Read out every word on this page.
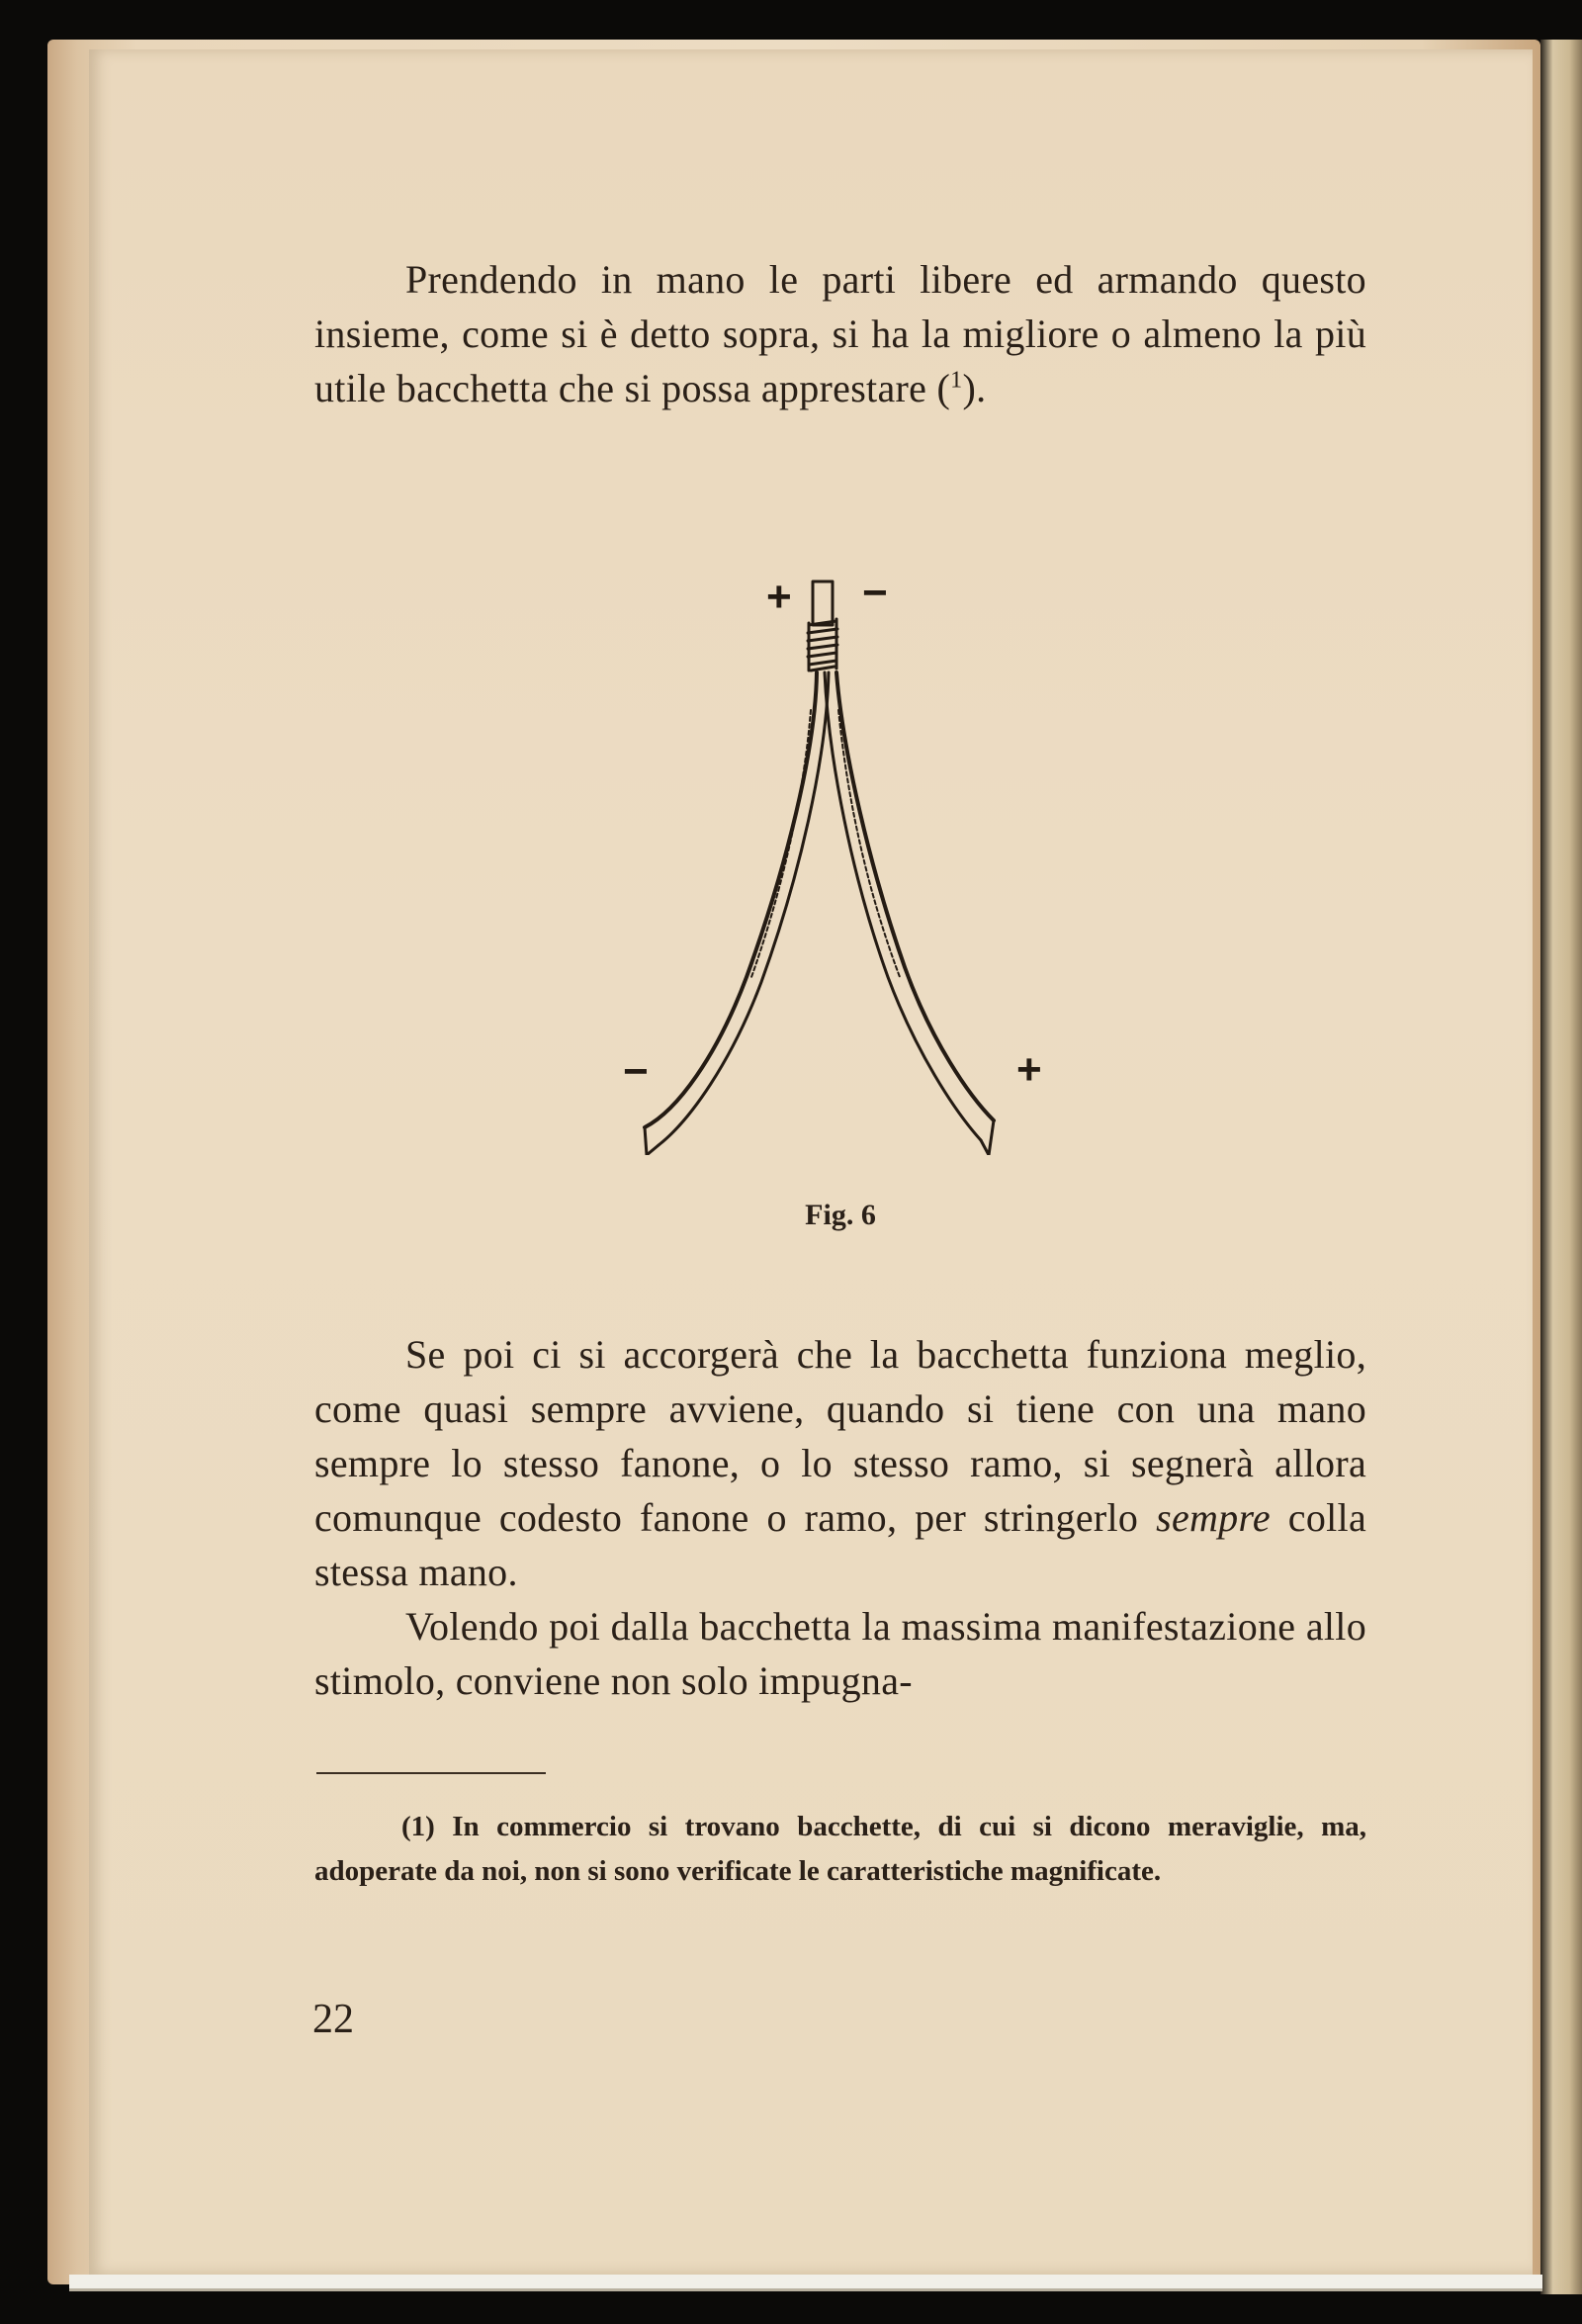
Prendendo in mano le parti libere ed armando questo insieme, come si è detto sopra, si ha la migliore o almeno la più utile bacchetta che si possa apprestare ($^1$).

+ −
−	+
Fig. 6

Se poi ci si accorgerà che la bacchetta funziona meglio, come quasi sempre avviene, quando si tiene con una mano sempre lo stesso fanone, o lo stesso ramo, si segnerà allora comunque codesto fanone o ramo, per stringerlo sempre colla stessa mano.

Volendo poi dalla bacchetta la massima manifestazione allo stimolo, conviene non solo impugna-

(1) In commercio si trovano bacchette, di cui si dicono meraviglie, ma, adoperate da noi, non si sono verificate le caratteristiche magnificate.

22
